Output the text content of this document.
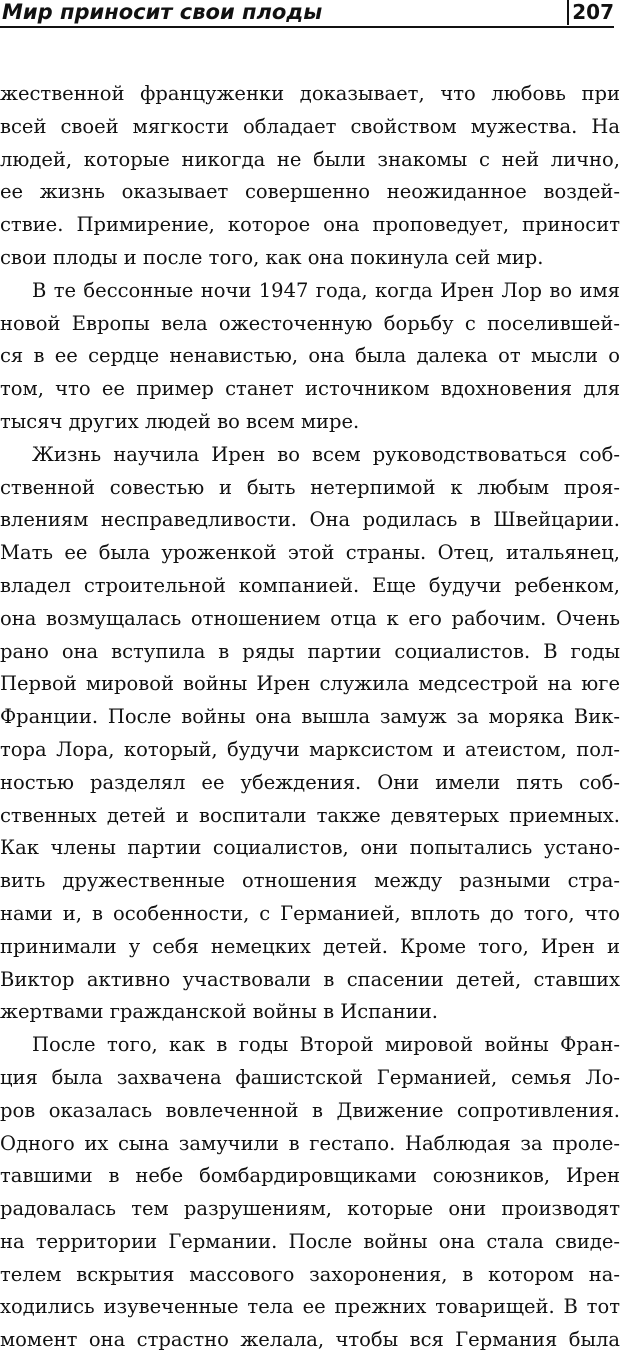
Мир приносит свои плоды	207
жественной француженки доказывает, что любовь при
всей своей мягкости обладает свойством мужества. На
людей, которые никогда не были знакомы с ней лично,
ее жизнь оказывает совершенно неожиданное воздей-
ствие. Примирение, которое она проповедует, приносит
свои плоды и после того, как она покинула сей мир.
В те бессонные ночи 1947 года, когда Ирен Лор во имя
новой Европы вела ожесточенную борьбу с поселившей-
ся в ее сердце ненавистью, она была далека от мысли о
том, что ее пример станет источником вдохновения для
тысяч других людей во всем мире.
Жизнь научила Ирен во всем руководствоваться соб-
ственной совестью и быть нетерпимой к любым проя-
влениям несправедливости. Она родилась в Швейцарии.
Мать ее была уроженкой этой страны. Отец, итальянец,
владел строительной компанией. Еще будучи ребенком,
она возмущалась отношением отца к его рабочим. Очень
рано она вступила в ряды партии социалистов. В годы
Первой мировой войны Ирен служила медсестрой на юге
Франции. После войны она вышла замуж за моряка Вик-
тора Лора, который, будучи марксистом и атеистом, пол-
ностью разделял ее убеждения. Они имели пять соб-
ственных детей и воспитали также девятерых приемных.
Как члены партии социалистов, они попытались устано-
вить дружественные отношения между разными стра-
нами и, в особенности, с Германией, вплоть до того, что
принимали у себя немецких детей. Кроме того, Ирен и
Виктор активно участвовали в спасении детей, ставших
жертвами гражданской войны в Испании.
После того, как в годы Второй мировой войны Фран-
ция была захвачена фашистской Германией, семья Ло-
ров оказалась вовлеченной в Движение сопротивления.
Одного их сына замучили в гестапо. Наблюдая за проле-
тавшими в небе бомбардировщиками союзников, Ирен
радовалась тем разрушениям, которые они производят
на территории Германии. После войны она стала свиде-
телем вскрытия массового захоронения, в котором на-
ходились изувеченные тела ее прежних товарищей. В тот
момент она страстно желала, чтобы вся Германия была
